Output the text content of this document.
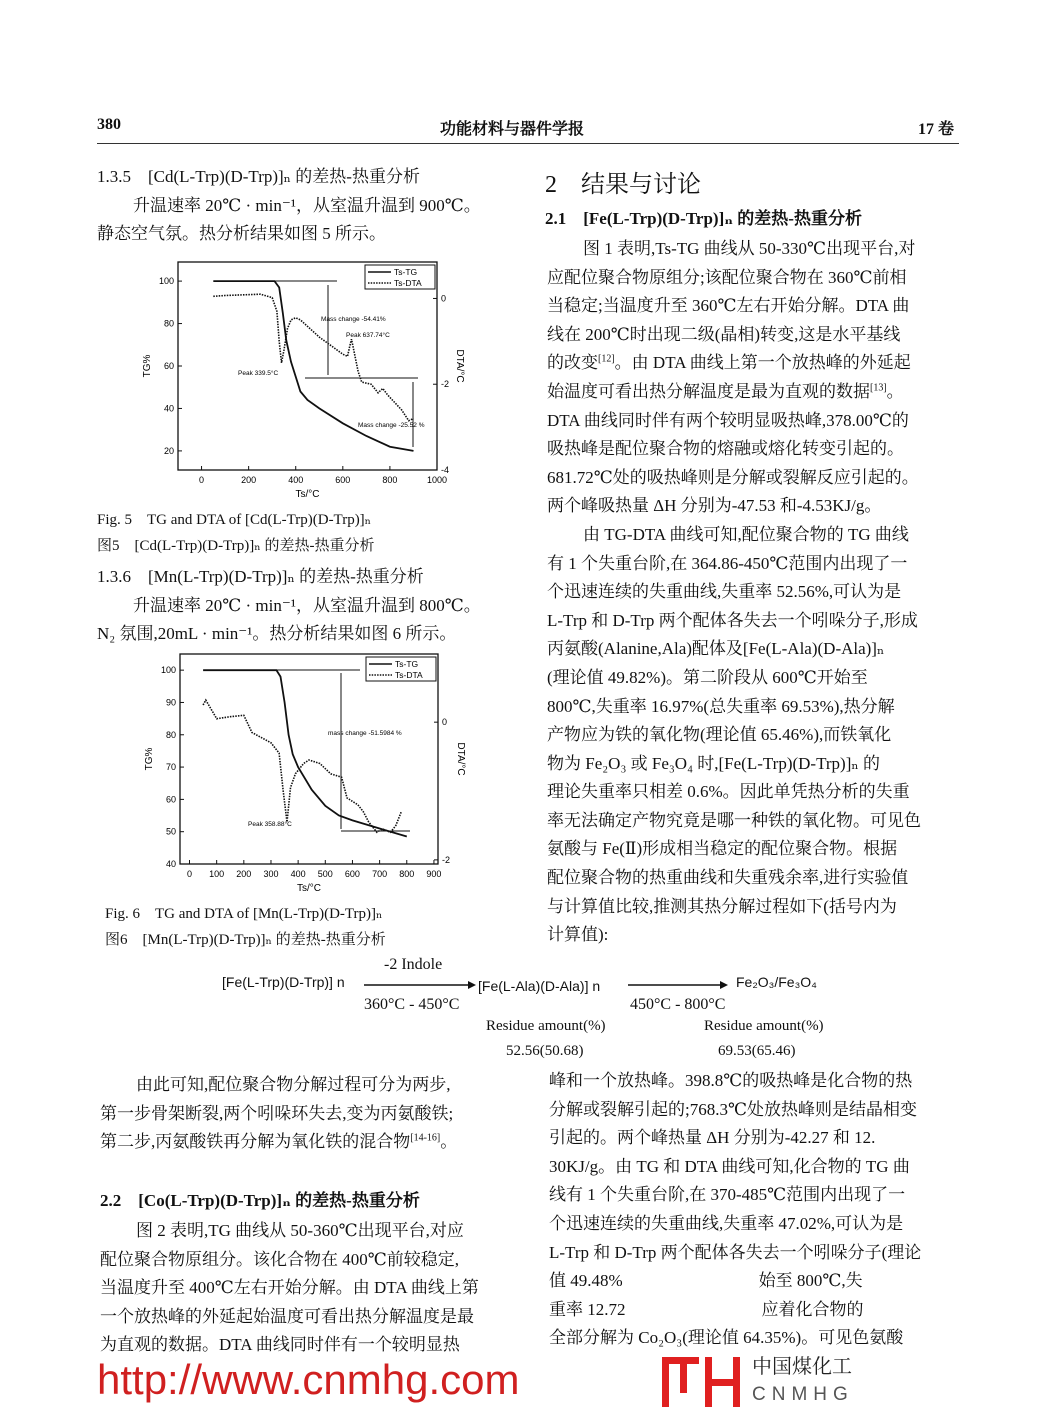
380	功能材料与器件学报	17 卷
1.3.5　[Cd(L-Trp)(D-Trp)]ₙ 的差热-热重分析
升温速率 20℃ · min⁻¹，从室温升温到 900℃。
静态空气氛。热分析结果如图 5 所示。
0	200	400	600	800	1000
20
40
60
80
100
0
-2
-4
Ts/°C
TG%	DTA/°C
Ts-TG
Ts-DTA
Mass change -54.41%
Peak 637.74°C
Peak 339.5°C
Mass change -25.52 %
Fig. 5　TG and DTA of [Cd(L-Trp)(D-Trp)]ₙ
图5　[Cd(L-Trp)(D-Trp)]ₙ 的差热-热重分析
1.3.6　[Mn(L-Trp)(D-Trp)]ₙ 的差热-热重分析
升温速率 20℃ · min⁻¹，从室温升温到 800℃。
N₂ 氛围,20mL · min⁻¹。热分析结果如图 6 所示。
0 100 200 300 400 500 600 700 800 900
40
50
60
70
80
90
100
0
-2
Ts/°C
TG%	DTA/°C
Ts-TG
Ts-DTA
mass change -51.5984 %
Peak 358.88°C
Fig. 6　TG and DTA of [Mn(L-Trp)(D-Trp)]ₙ
图6　[Mn(L-Trp)(D-Trp)]ₙ 的差热-热重分析
2　结果与讨论
2.1　[Fe(L-Trp)(D-Trp)]ₙ 的差热-热重分析
图 1 表明,Ts-TG 曲线从 50-330℃出现平台,对
应配位聚合物原组分;该配位聚合物在 360℃前相
当稳定;当温度升至 360℃左右开始分解。DTA 曲
线在 200℃时出现二级(晶相)转变,这是水平基线
的改变[12]。由 DTA 曲线上第一个放热峰的外延起
始温度可看出热分解温度是最为直观的数据[13]。
DTA 曲线同时伴有两个较明显吸热峰,378.00℃的
吸热峰是配位聚合物的熔融或熔化转变引起的。
681.72℃处的吸热峰则是分解或裂解反应引起的。
两个峰吸热量 ΔH 分别为-47.53 和-4.53KJ/g。
由 TG-DTA 曲线可知,配位聚合物的 TG 曲线
有 1 个失重台阶,在 364.86-450℃范围内出现了一
个迅速连续的失重曲线,失重率 52.56%,可认为是
L-Trp 和 D-Trp 两个配体各失去一个吲哚分子,形成
丙氨酸(Alanine,Ala)配体及[Fe(L-Ala)(D-Ala)]ₙ
(理论值 49.82%)。第二阶段从 600℃开始至
800℃,失重率 16.97%(总失重率 69.53%),热分解
产物应为铁的氧化物(理论值 65.46%),而铁氧化
物为 Fe₂O₃ 或 Fe₃O₄ 时,[Fe(L-Trp)(D-Trp)]ₙ 的
理论失重率只相差 0.6%。因此单凭热分析的失重
率无法确定产物究竟是哪一种铁的氧化物。可见色
氨酸与 Fe(Ⅱ)形成相当稳定的配位聚合物。根据
配位聚合物的热重曲线和失重残余率,进行实验值
与计算值比较,推测其热分解过程如下(括号内为
计算值):
[Fe(L-Trp)(D-Trp)] n
-2 Indole
360°C - 450°C
[Fe(L-Ala)(D-Ala)] n
450°C - 800°C
Fe₂O₃/Fe₃O₄
Residue amount(%)
52.56(50.68)
Residue amount(%)
69.53(65.46)
由此可知,配位聚合物分解过程可分为两步,
第一步骨架断裂,两个吲哚环失去,变为丙氨酸铁;
第二步,丙氨酸铁再分解为氧化铁的混合物[14-16]。
2.2　[Co(L-Trp)(D-Trp)]ₙ 的差热-热重分析
图 2 表明,TG 曲线从 50-360℃出现平台,对应
配位聚合物原组分。该化合物在 400℃前较稳定,
当温度升至 400℃左右开始分解。由 DTA 曲线上第
一个放热峰的外延起始温度可看出热分解温度是最
为直观的数据。DTA 曲线同时伴有一个较明显热
峰和一个放热峰。398.8℃的吸热峰是化合物的热
分解或裂解引起的;768.3℃处放热峰则是结晶相变
引起的。两个峰热量 ΔH 分别为-42.27 和 12.
30KJ/g。由 TG 和 DTA 曲线可知,化合物的 TG 曲
线有 1 个失重台阶,在 370-485℃范围内出现了一
个迅速连续的失重曲线,失重率 47.02%,可认为是
L-Trp 和 D-Trp 两个配体各失去一个吲哚分子(理论
值 49.48%　　　　　　　　始至 800℃,失
重率 12.72　　　　　　　　应着化合物的
全部分解为 Co₂O₃(理论值 64.35%)。可见色氨酸
http://www.cnmhg.com	中国煤化工
CNMHG
